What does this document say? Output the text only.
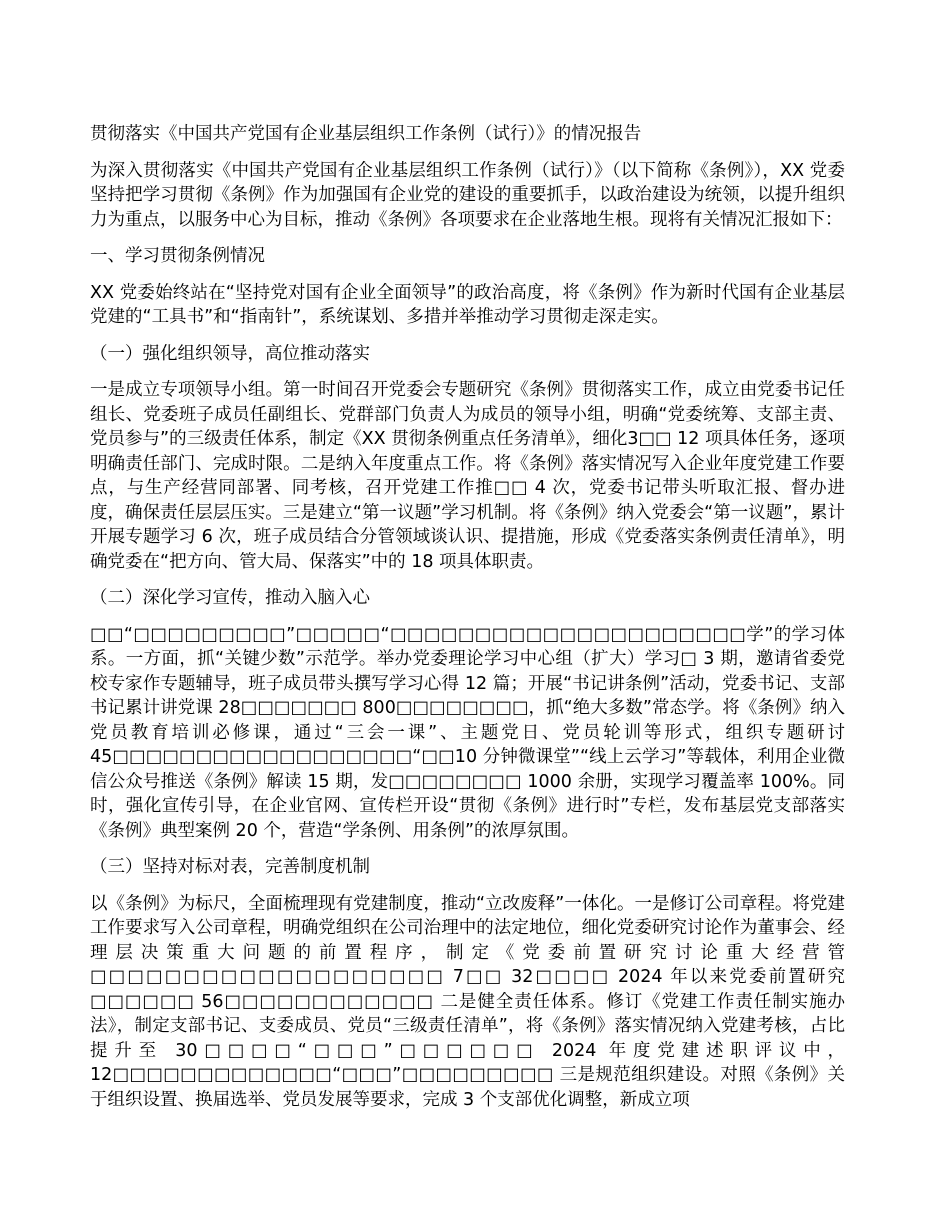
贯彻落实《中国共产党国有企业基层组织工作条例（试行）》的情况报告

为深入贯彻落实《中国共产党国有企业基层组织工作条例（试行）》（以下简称《条例》），XX 党委坚持把学习贯彻《条例》作为加强国有企业党的建设的重要抓手，以政治建设为统领，以提升组织力为重点，以服务中心为目标，推动《条例》各项要求在企业落地生根。现将有关情况汇报如下：

一、学习贯彻条例情况

XX 党委始终站在“坚持党对国有企业全面领导”的政治高度，将《条例》作为新时代国有企业基层党建的“工具书”和“指南针”，系统谋划、多措并举推动学习贯彻走深走实。

（一）强化组织领导，高位推动落实

一是成立专项领导小组。第一时间召开党委会专题研究《条例》贯彻落实工作，成立由党委书记任组长、党委班子成员任副组长、党群部门负责人为成员的领导小组，明确“党委统筹、支部主责、党员参与”的三级责任体系，制定《XX 贯彻条例重点任务清单》，细化3□□ 12 项具体任务，逐项明确责任部门、完成时限。二是纳入年度重点工作。将《条例》落实情况写入企业年度党建工作要点，与生产经营同部署、同考核，召开党建工作推□□ 4 次，党委书记带头听取汇报、督办进度，确保责任层层压实。三是建立“第一议题”学习机制。将《条例》纳入党委会“第一议题”，累计开展专题学习 6 次，班子成员结合分管领域谈认识、提措施，形成《党委落实条例责任清单》，明确党委在“把方向、管大局、保落实”中的 18 项具体职责。

（二）深化学习宣传，推动入脑入心

□□“□□□□□□□□□”□□□□□“□□□□□□□□□□□□□□□□□□□□□学”的学习体系。一方面，抓“关键少数”示范学。举办党委理论学习中心组（扩大）学习□ 3 期，邀请省委党校专家作专题辅导，班子成员带头撰写学习心得 12 篇；开展“书记讲条例”活动，党委书记、支部书记累计讲党课 28□□□□□□□ 800□□□□□□□□，抓“绝大多数”常态学。将《条例》纳入党员教育培训必修课，通过“三会一课”、主题党日、党员轮训等形式，组织专题研讨 45□□□□□□□□□□□□□□□□□□“□□10 分钟微课堂”“线上云学习”等载体，利用企业微信公众号推送《条例》解读 15 期，发□□□□□□□□ 1000 余册，实现学习覆盖率 100%。同时，强化宣传引导，在企业官网、宣传栏开设“贯彻《条例》进行时”专栏，发布基层党支部落实《条例》典型案例 20 个，营造“学条例、用条例”的浓厚氛围。

（三）坚持对标对表，完善制度机制

以《条例》为标尺，全面梳理现有党建制度，推动“立改废释”一体化。一是修订公司章程。将党建工作要求写入公司章程，明确党组织在公司治理中的法定地位，细化党委研究讨论作为董事会、经理层决策重大问题的前置程序，制定《党委前置研究讨论重大经营管□□□□□□□□□□□□□□□□□□□ 7□□ 32□□□□ 2024 年以来党委前置研究□□□□□□ 56□□□□□□□□□□□□ 二是健全责任体系。修订《党建工作责任制实施办法》，制定支部书记、支委成员、党员“三级责任清单”，将《条例》落实情况纳入党建考核，占比提升至 30□□□□“□□□”□□□□□□ 2024 年度党建述职评议中，12□□□□□□□□□□□□□“□□□”□□□□□□□□□ 三是规范组织建设。对照《条例》关于组织设置、换届选举、党员发展等要求，完成 3 个支部优化调整，新成立项
